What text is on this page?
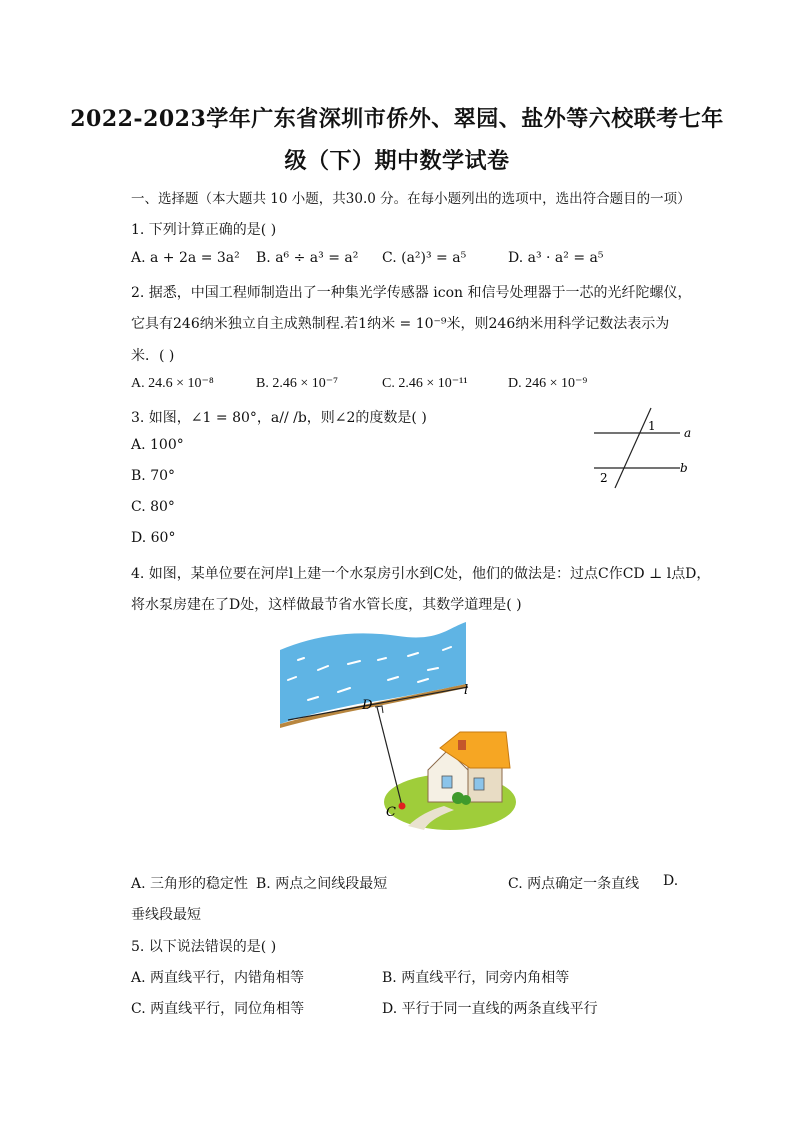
2022-2023学年广东省深圳市侨外、翠园、盐外等六校联考七年
级（下）期中数学试卷
一、选择题（本大题共 10 小题，共30.0 分。在每小题列出的选项中，选出符合题目的一项）
1. 下列计算正确的是( )
A. a + 2a = 3a² B. a⁶ ÷ a³ = a² C. (a²)³ = a⁵	D. a³ · a² = a⁵
2. 据悉，中国工程师制造出了一种集光学传感器 icon 和信号处理器于一芯的光纤陀螺仪，
它具有246纳米独立自主成熟制程.若1纳米 = 10⁻⁹米，则246纳米用科学记数法表示为
米．( )
A. 24.6 × 10⁻⁸	B. 2.46 × 10⁻⁷	C. 2.46 × 10⁻¹¹	D. 246 × 10⁻⁹
3. 如图，∠1 = 80°，a// /b，则∠2的度数是( )
A. 100°
B. 70°
C. 80°
D. 60°
1
2
a
b
4. 如图，某单位要在河岸l上建一个水泵房引水到C处，他们的做法是：过点C作CD ⊥ l点D，
将水泵房建在了D处，这样做最节省水管长度，其数学道理是( )
l
D
C
A. 三角形的稳定性 B. 两点之间线段最短	C. 两点确定一条直线 D.
垂线段最短
5. 以下说法错误的是( )
A. 两直线平行，内错角相等	B. 两直线平行，同旁内角相等
C. 两直线平行，同位角相等	D. 平行于同一直线的两条直线平行
